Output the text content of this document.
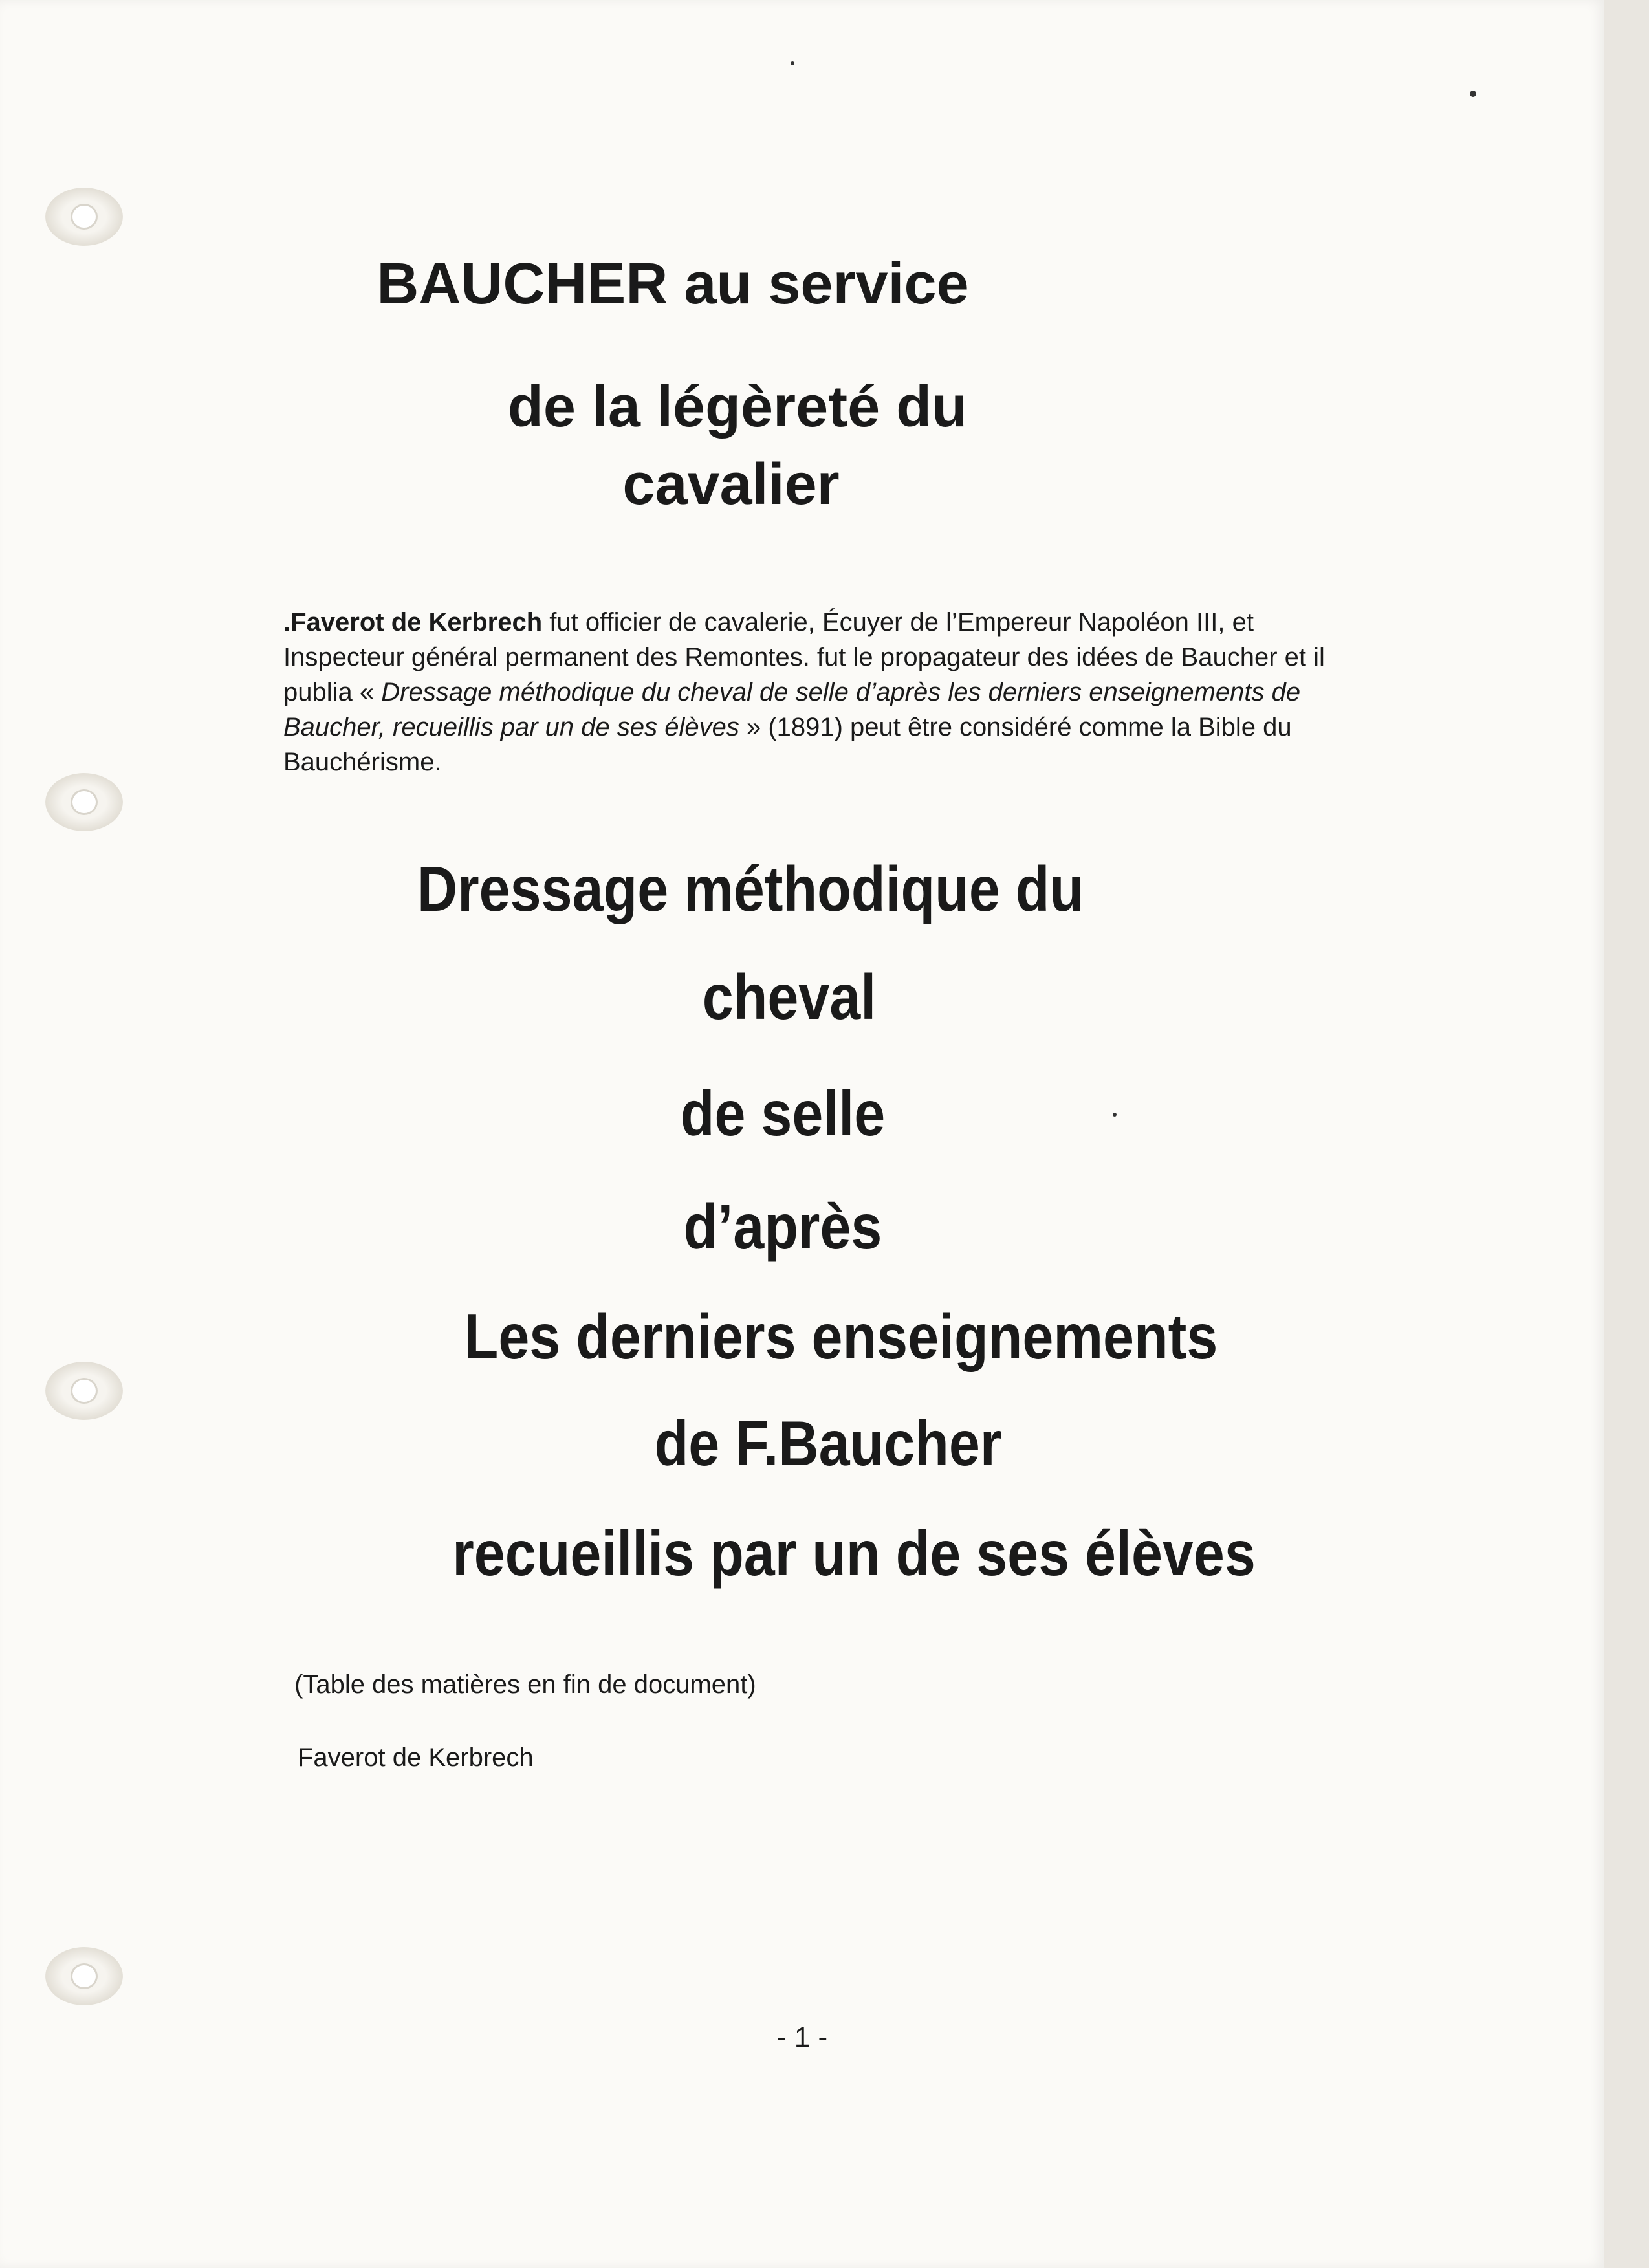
BAUCHER au service
de la légèreté du
cavalier
.Faverot de Kerbrech fut officier de cavalerie, Écuyer de l’Empereur Napoléon III, et Inspecteur général permanent des Remontes. fut le propagateur des idées de Baucher et il publia « Dressage méthodique du cheval de selle d’après les derniers enseignements de Baucher, recueillis par un de ses élèves » (1891) peut être considéré comme la Bible du Bauchérisme.
Dressage méthodique du
cheval
de selle
d’après
Les derniers enseignements
de F.Baucher
recueillis par un de ses élèves
(Table des matières en fin de document)
Faverot de Kerbrech
- 1 -
